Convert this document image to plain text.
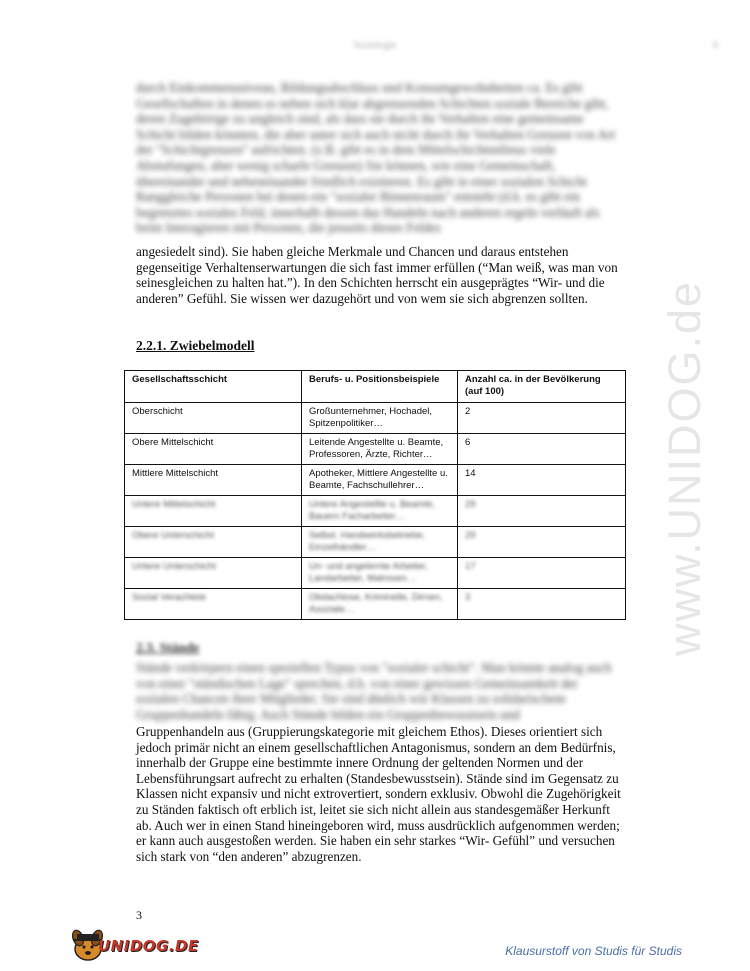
Soziologie	6

durch Einkommensniveau, Bildungsabschluss und Konsumgewohnheiten ca. Es gibt Gesellschaften in denen es neben sich klar abgrenzenden Schichten soziale Bereiche gibt, deren Zugehörige zu ungleich sind, als dass sie durch ihr Verhalten eine gemeinsame Schicht bilden könnten, die aber unter sich auch nicht durch ihr Verhalten Grenzen von Art der "Schichtgrenzen" aufrichten. (z.B. gibt es in dem Mittelschichtmilieus viele Abstufungen, aber wenig scharfe Grenzen) Sie können, wie eine Gemeinschaft, übereinander und nebeneinander friedlich existieren. Es gibt in einer sozialen Schicht Ranggleiche Personen bei denen ein "sozialer Binnenraum" entsteht (d.h. es gibt ein begrenztes soziales Feld, innerhalb dessen das Handeln nach anderen regeln verläuft als beim Interagieren mit Personen, die jenseits dieses Feldes

angesiedelt sind). Sie haben gleiche Merkmale und Chancen und daraus entstehen gegenseitige Verhaltenserwartungen die sich fast immer erfüllen (“Man weiß, was man von seinesgleichen zu halten hat.”). In den Schichten herrscht ein ausgeprägtes “Wir- und die anderen” Gefühl. Sie wissen wer dazugehört und von wem sie sich abgrenzen sollten.

2.2.1. Zwiebelmodell
Gesellschaftsschicht	Berufs- u. Positionsbeispiele	Anzahl ca. in der Bevölkerung (auf 100)
Oberschicht	Großunternehmer, Hochadel, Spitzenpolitiker…	2
Obere Mittelschicht	Leitende Angestellte u. Beamte, Professoren, Ärzte, Richter…	6
Mittlere Mittelschicht	Apotheker, Mittlere Angestellte u. Beamte, Fachschullehrer…	14
Untere Mittelschicht	Untere Angestellte u. Beamte, Bauern Facharbeiter…	29
Obere Unterschicht	Selbst. Handwerksbetriebe, Einzelhändler…	29
Untere Unterschicht	Un- und angelernte Arbeiter, Landarbeiter, Matrosen…	17
Sozial Verachtete	Obdachlose, Kriminelle, Dirnen, Asoziale…	3
2.3. Stände

Stände verkörpern einen speziellen Typus von "sozialer schicht". Man könnte analog auch von einer "ständischen Lage" sprechen, d.h. von einer gewissen Gemeinsamkeit der sozialen Chancen ihrer Mitglieder. Sie sind ähnlich wie Klassen zu solidarischem Gruppenhandeln fähig. Auch Stände bilden ein Gruppenbewusstsein und

Gruppenhandeln aus (Gruppierungskategorie mit gleichem Ethos). Dieses orientiert sich jedoch primär nicht an einem gesellschaftlichen Antagonismus, sondern an dem Bedürfnis, innerhalb der Gruppe eine bestimmte innere Ordnung der geltenden Normen und der Lebensführungsart aufrecht zu erhalten (Standesbewusstsein). Stände sind im Gegensatz zu Klassen nicht expansiv und nicht extrovertiert, sondern exklusiv. Obwohl die Zugehörigkeit zu Ständen faktisch oft erblich ist, leitet sie sich nicht allein aus standesgemäßer Herkunft ab. Auch wer in einen Stand hineingeboren wird, muss ausdrücklich aufgenommen werden; er kann auch ausgestoßen werden. Sie haben ein sehr starkes “Wir- Gefühl” und versuchen sich stark von “den anderen” abzugrenzen.

www.UNIDOG.de
3
UNIDOG.DE	Klausurstoff von Studis für Studis
